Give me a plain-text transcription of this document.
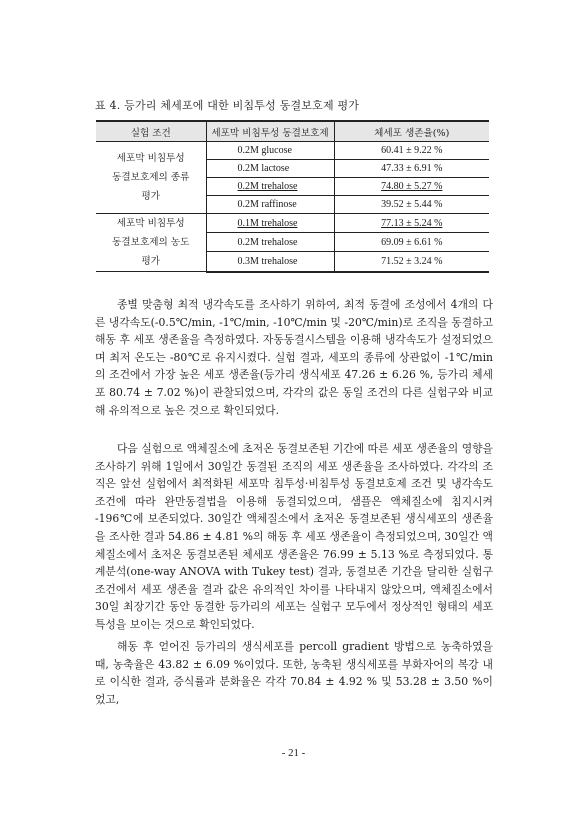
표 4. 등가리 체세포에 대한 비침투성 동결보호제 평가
실험 조건	세포막 비침투성 동결보호제	체세포 생존율(%)

세포막 비침투성
동결보호제의 종류
평가	0.2M glucose	60.41 ± 9.22 %
	0.2M lactose	47.33 ± 6.91 %
	0.2M trehalose	74.80 ± 5.27 %
	0.2M raffinose	39.52 ± 5.44 %

세포막 비침투성
동결보호제의 농도
평가	0.1M trehalose	77.13 ± 5.24 %
	0.2M trehalose	69.09 ± 6.61 %
	0.3M trehalose	71.52 ± 3.24 %

종별 맞춤형 최적 냉각속도를 조사하기 위하여, 최적 동결에 조성에서 4개의 다른 냉각속도(-0.5℃/min, -1℃/min, -10℃/min 및 -20℃/min)로 조직을 동결하고 해동 후 세포 생존율을 측정하였다. 자동동결시스템을 이용해 냉각속도가 설정되었으며 최저 온도는 -80℃로 유지시켰다. 실험 결과, 세포의 종류에 상관없이 -1℃/min의 조건에서 가장 높은 세포 생존율(등가리 생식세포 47.26 ± 6.26 %, 등가리 체세포 80.74 ± 7.02 %)이 관찰되었으며, 각각의 값은 동일 조건의 다른 실험구와 비교해 유의적으로 높은 것으로 확인되었다.

다음 실험으로 액체질소에 초저온 동결보존된 기간에 따른 세포 생존율의 영향을 조사하기 위해 1일에서 30일간 동결된 조직의 세포 생존율을 조사하였다. 각각의 조직은 앞선 실험에서 최적화된 세포막 침투성·비침투성 동결보호제 조건 및 냉각속도 조건에 따라 완만동결법을 이용해 동결되었으며, 샘플은 액체질소에 침지시켜 -196℃에 보존되었다. 30일간 액체질소에서 초저온 동결보존된 생식세포의 생존율을 조사한 결과 54.86 ± 4.81 %의 해동 후 세포 생존율이 측정되었으며, 30일간 액체질소에서 초저온 동결보존된 체세포 생존율은 76.99 ± 5.13 %로 측정되었다. 통계분석(one-way ANOVA with Tukey test) 결과, 동결보존 기간을 달리한 실험구 조건에서 세포 생존율 결과 값은 유의적인 차이를 나타내지 않았으며, 액체질소에서 30일 최장기간 동안 동결한 등가리의 세포는 실험구 모두에서 정상적인 형태의 세포 특성을 보이는 것으로 확인되었다.

해동 후 얻어진 등가리의 생식세포를 percoll gradient 방법으로 농축하였을 때, 농축율은 43.82 ± 6.09 %이었다. 또한, 농축된 생식세포를 부화자어의 복강 내로 이식한 결과, 증식률과 분화율은 각각 70.84 ± 4.92 % 및 53.28 ± 3.50 %이었고,

- 21 -
